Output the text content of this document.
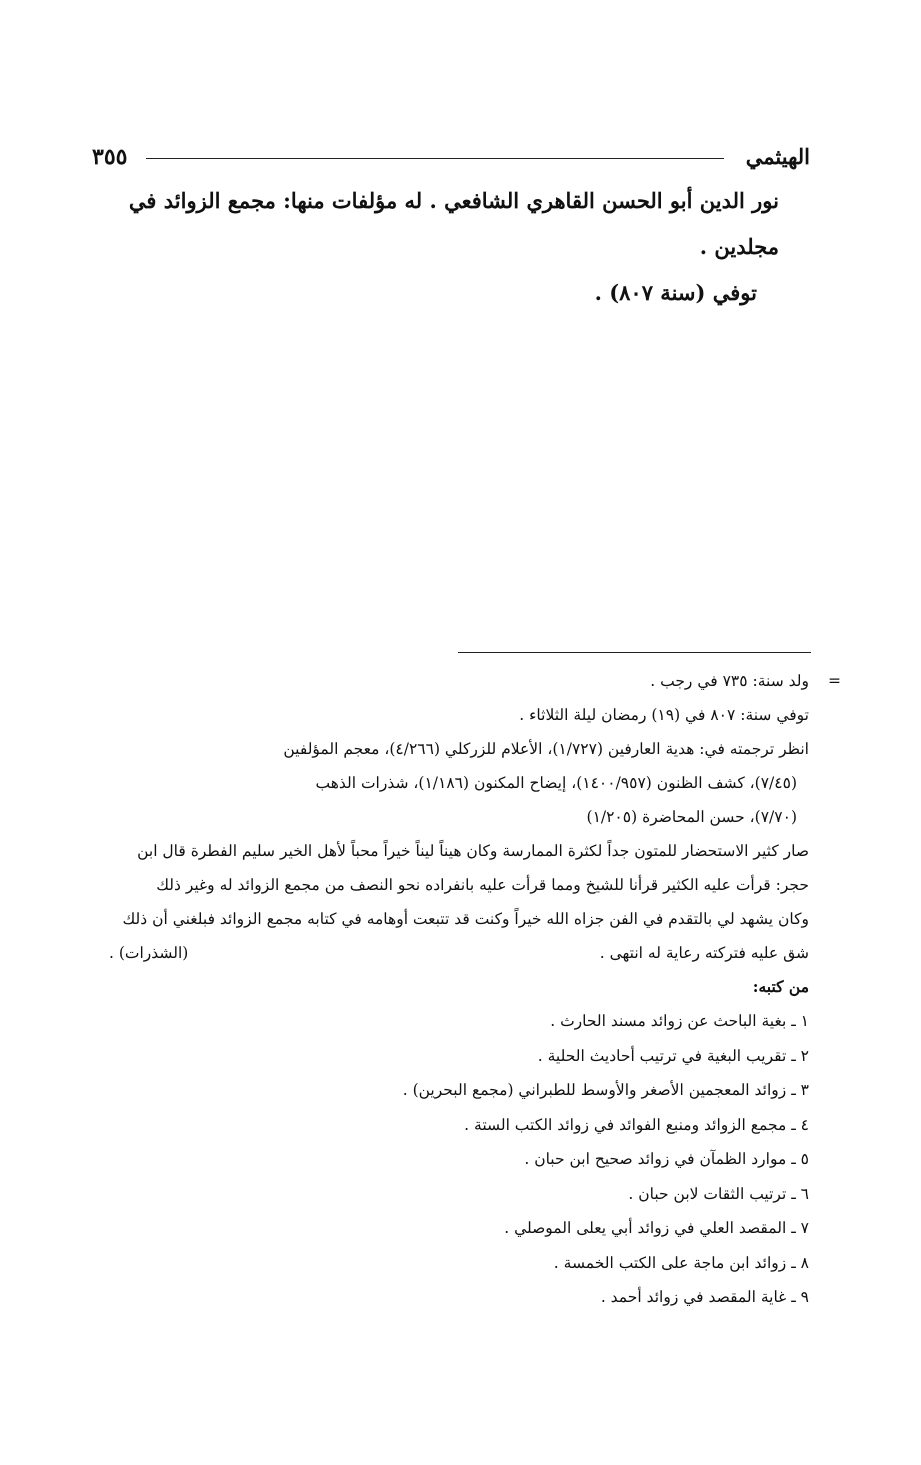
٣٥٥	الهيثمي

نور الدين أبو الحسن القاهري الشافعي . له مؤلفات منها: مجمع الزوائد في

مجلدين .

توفي (سنة ٨٠٧) .

=
ولد سنة: ٧٣٥ في رجب .

توفي سنة: ٨٠٧ في (١٩) رمضان ليلة الثلاثاء .

انظر ترجمته في: هدية العارفين (١/٧٢٧)، الأعلام للزركلي (٤/٢٦٦)، معجم المؤلفين

(٧/٤٥)، كشف الظنون (١٤٠٠/٩٥٧)، إيضاح المكنون (١/١٨٦)، شذرات الذهب

(٧/٧٠)، حسن المحاضرة (١/٢٠٥)

صار كثير الاستحضار للمتون جداً لكثرة الممارسة وكان هيناً ليناً خيراً محباً لأهل الخير سليم الفطرة قال ابن

حجر: قرأت عليه الكثير قرأنا للشيخ ومما قرأت عليه بانفراده نحو النصف من مجمع الزوائد له وغير ذلك

وكان يشهد لي بالتقدم في الفن جزاه الله خيراً وكنت قد تتبعت أوهامه في كتابه مجمع الزوائد فبلغني أن ذلك

شق عليه فتركته رعاية له انتهى .
(الشذرات) .

من كتبه:

١ ـ بغية الباحث عن زوائد مسند الحارث .
٢ ـ تقريب البغية في ترتيب أحاديث الحلية .
٣ ـ زوائد المعجمين الأصغر والأوسط للطبراني (مجمع البحرين) .
٤ ـ مجمع الزوائد ومنبع الفوائد في زوائد الكتب الستة .
٥ ـ موارد الظمآن في زوائد صحيح ابن حبان .
٦ ـ ترتيب الثقات لابن حبان .
٧ ـ المقصد العلي في زوائد أبي يعلى الموصلي .
٨ ـ زوائد ابن ماجة على الكتب الخمسة .
٩ ـ غاية المقصد في زوائد أحمد .
